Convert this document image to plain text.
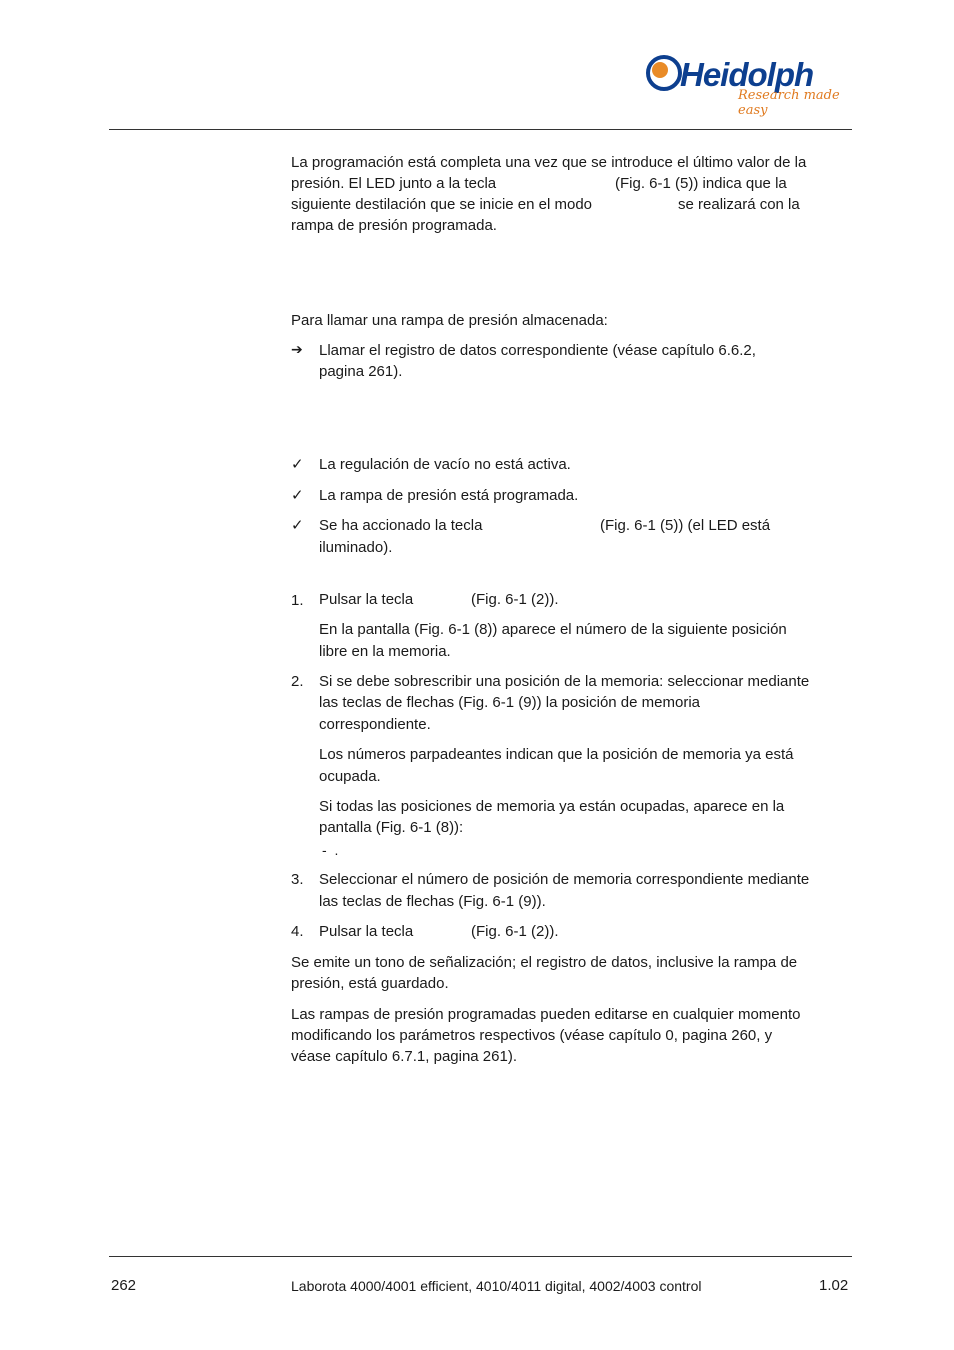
Heidolph
Research made easy
La programación está completa una vez que se introduce el último valor de la
presión. El LED junto a la tecla	(Fig. 6-1 (5)) indica que la
siguiente destilación que se inicie en el modo	se realizará con la
rampa de presión programada.
Para llamar una rampa de presión almacenada:
➔ Llamar el registro de datos correspondiente (véase capítulo 6.6.2,
pagina 261).
✓ La regulación de vacío no está activa.
✓ La rampa de presión está programada.
✓ Se ha accionado la tecla	(Fig. 6-1 (5)) (el LED está
iluminado).
1. Pulsar la tecla	(Fig. 6-1 (2)).
En la pantalla (Fig. 6-1 (8)) aparece el número de la siguiente posición
libre en la memoria.
2. Si se debe sobrescribir una posición de la memoria: seleccionar mediante
las teclas de flechas (Fig. 6-1 (9)) la posición de memoria
correspondiente.
Los números parpadeantes indican que la posición de memoria ya está
ocupada.
Si todas las posiciones de memoria ya están ocupadas, aparece en la
pantalla (Fig. 6-1 (8)):
-  .
3. Seleccionar el número de posición de memoria correspondiente mediante
las teclas de flechas (Fig. 6-1 (9)).
4. Pulsar la tecla	(Fig. 6-1 (2)).
Se emite un tono de señalización; el registro de datos, inclusive la rampa de
presión, está guardado.
Las rampas de presión programadas pueden editarse en cualquier momento
modificando los parámetros respectivos (véase capítulo 0, pagina 260, y
véase capítulo 6.7.1, pagina 261).
262	Laborota 4000/4001 efficient, 4010/4011 digital, 4002/4003 control	1.02
